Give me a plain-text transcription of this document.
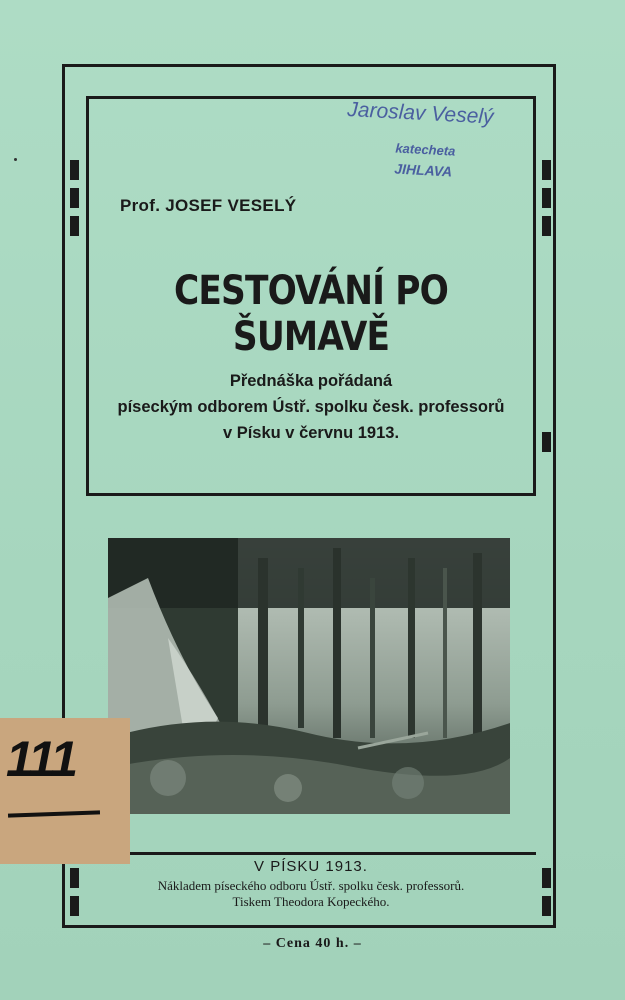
Jaroslav Veselý
katecheta
JIHLAVA
Prof. JOSEF VESELÝ
CESTOVÁNÍ PO ŠUMAVĚ
Přednáška pořádaná
píseckým odborem Ústř. spolku česk. professorů
v Písku v červnu 1913.
111
V PÍSKU 1913.
Nákladem píseckého odboru Ústř. spolku česk. professorů.
Tiskem Theodora Kopeckého.
– Cena 40 h. –
